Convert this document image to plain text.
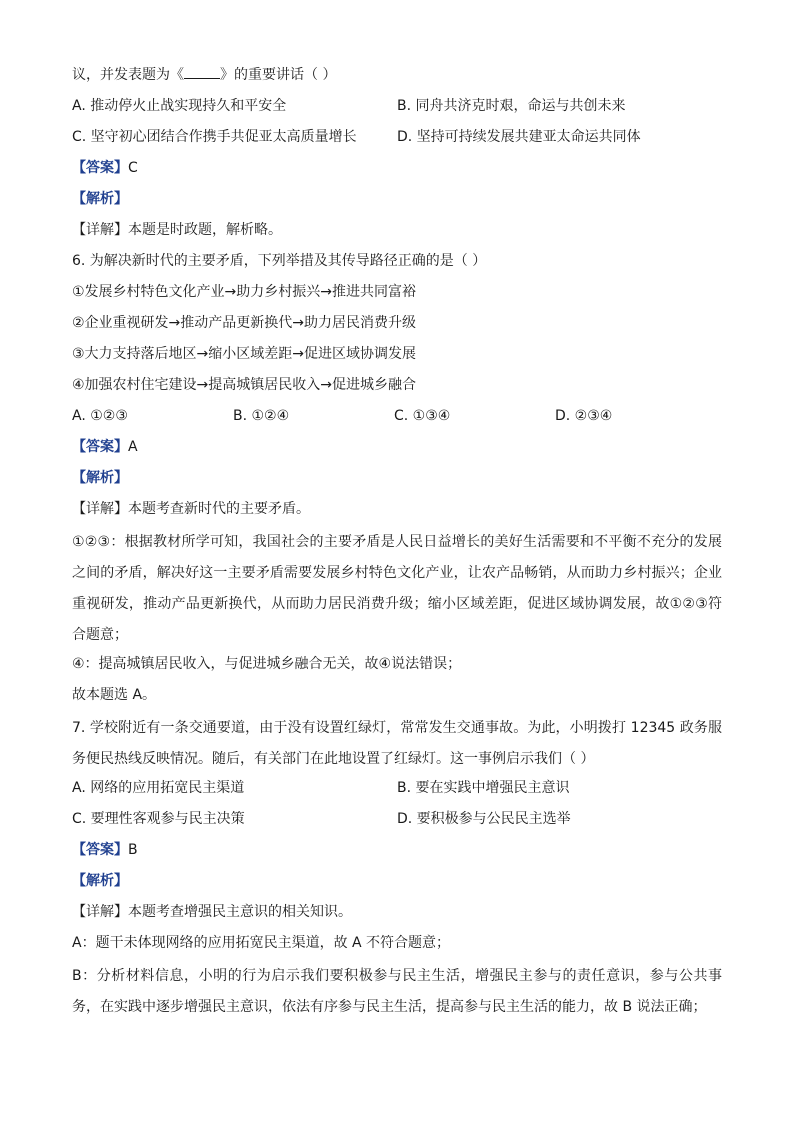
议，并发表题为《	》的重要讲话（ ）
A. 推动停火止战实现持久和平安全	B. 同舟共济克时艰，命运与共创未来
C. 坚守初心团结合作携手共促亚太高质量增长	D. 坚持可持续发展共建亚太命运共同体
【答案】C
【解析】
【详解】本题是时政题，解析略。
6. 为解决新时代的主要矛盾，下列举措及其传导路径正确的是（ ）
①发展乡村特色文化产业→助力乡村振兴→推进共同富裕
②企业重视研发→推动产品更新换代→助力居民消费升级
③大力支持落后地区→缩小区域差距→促进区域协调发展
④加强农村住宅建设→提高城镇居民收入→促进城乡融合
A. ①②③	B. ①②④	C. ①③④	D. ②③④
【答案】A
【解析】
【详解】本题考查新时代的主要矛盾。
①②③：根据教材所学可知，我国社会的主要矛盾是人民日益增长的美好生活需要和不平衡不充分的发展之间的矛盾，解决好这一主要矛盾需要发展乡村特色文化产业，让农产品畅销，从而助力乡村振兴；企业重视研发，推动产品更新换代，从而助力居民消费升级；缩小区域差距，促进区域协调发展，故①②③符合题意；
④：提高城镇居民收入，与促进城乡融合无关，故④说法错误；
故本题选 A。
7. 学校附近有一条交通要道，由于没有设置红绿灯，常常发生交通事故。为此，小明拨打 12345 政务服务便民热线反映情况。随后，有关部门在此地设置了红绿灯。这一事例启示我们（ ）
A. 网络的应用拓宽民主渠道	B. 要在实践中增强民主意识
C. 要理性客观参与民主决策	D. 要积极参与公民民主选举
【答案】B
【解析】
【详解】本题考查增强民主意识的相关知识。
A：题干未体现网络的应用拓宽民主渠道，故 A 不符合题意；
B：分析材料信息，小明的行为启示我们要积极参与民主生活，增强民主参与的责任意识，参与公共事务，在实践中逐步增强民主意识，依法有序参与民主生活，提高参与民主生活的能力，故 B 说法正确；
